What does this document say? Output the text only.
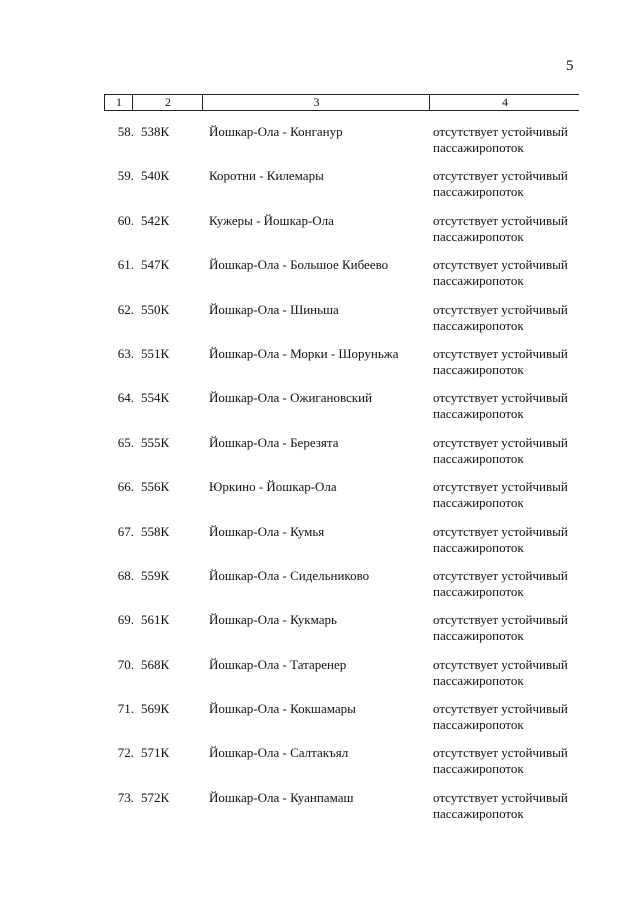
5
1	2	3	4
58. 538К	Йошкар-Ола - Конганур	отсутствует устойчивый
пассажиропоток
59. 540К	Коротни - Килемары	отсутствует устойчивый
пассажиропоток
60. 542К	Кужеры - Йошкар-Ола	отсутствует устойчивый
пассажиропоток
61. 547К	Йошкар-Ола - Большое Кибеево	отсутствует устойчивый
пассажиропоток
62. 550К	Йошкар-Ола - Шиньша	отсутствует устойчивый
пассажиропоток
63. 551К	Йошкар-Ола - Морки - Шоруньжа	отсутствует устойчивый
пассажиропоток
64. 554К	Йошкар-Ола - Ожигановский	отсутствует устойчивый
пассажиропоток
65. 555К	Йошкар-Ола - Березята	отсутствует устойчивый
пассажиропоток
66. 556К	Юркино - Йошкар-Ола	отсутствует устойчивый
пассажиропоток
67. 558К	Йошкар-Ола - Кумья	отсутствует устойчивый
пассажиропоток
68. 559К	Йошкар-Ола - Сидельниково	отсутствует устойчивый
пассажиропоток
69. 561К	Йошкар-Ола - Кукмарь	отсутствует устойчивый
пассажиропоток
70. 568К	Йошкар-Ола - Татаренер	отсутствует устойчивый
пассажиропоток
71. 569К	Йошкар-Ола - Кокшамары	отсутствует устойчивый
пассажиропоток
72. 571К	Йошкар-Ола - Салтакъял	отсутствует устойчивый
пассажиропоток
73. 572К	Йошкар-Ола - Куанпамаш	отсутствует устойчивый
пассажиропоток
